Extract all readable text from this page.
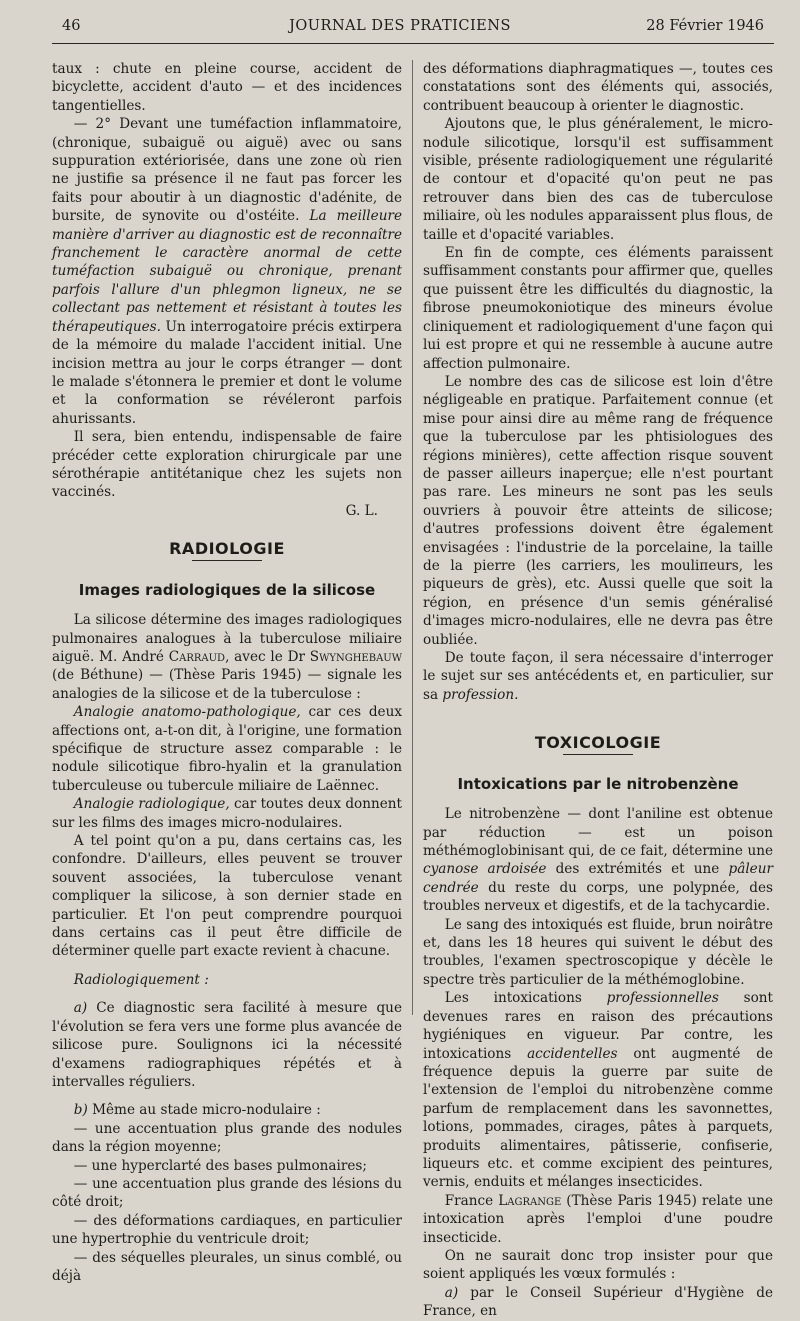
46	JOURNAL DES PRATICIENS	28 Février 1946

taux : chute en pleine course, accident de bicyclette, accident d'auto — et des incidences tangentielles.

— 2° Devant une tuméfaction inflammatoire, (chronique, subaiguë ou aiguë) avec ou sans suppuration extérioriséе, dans une zone où rien ne justifie sa présence il ne faut pas forcer les faits pour aboutir à un diagnostic d'adénite, de bursite, de synovite ou d'ostéite. La meilleure manière d'arriver au diagnostic est de reconnaître franchement le caractère anormal de cette tuméfaction subaiguë ou chronique, prenant parfois l'allure d'un phlegmon ligneux, ne se collectant pas nettement et résistant à toutes les thérapeutiques. Un interrogatoire précis extirpera de la mémoire du malade l'accident initial. Une incision mettra au jour le corps étranger — dont le malade s'étonnera le premier et dont le volume et la conformation se révéleront parfois ahurissants.

Il sera, bien entendu, indispensable de faire précéder cette exploration chirurgicale par une sérothérapie antitétanique chez les sujets non vaccinés.

G. L.

RADIOLOGIE
Images radiologiques de la silicose

La silicose détermine des images radiologiques pulmonaires analogues à la tuberculose miliaire aiguë. M. André Carraud, avec le Dr Swynghebauw (de Béthune) — (Thèse Paris 1945) — signale les analogies de la silicose et de la tuberculose :

Analogie anatomo-pathologique, car ces deux affections ont, a-t-on dit, à l'origine, une formation spécifique de structure assez comparable : le nodule silicotique fibro-hyalin et la granulation tuberculeuse ou tubercule miliaire de Laënnec.

Analogie radiologique, car toutes deux donnent sur les films des images micro-nodulaires.

A tel point qu'on a pu, dans certains cas, les confondre. D'ailleurs, elles peuvent se trouver souvent associées, la tuberculose venant compliquer la silicose, à son dernier stade en particulier. Et l'on peut comprendre pourquoi dans certains cas il peut être difficile de déterminer quelle part exacte revient à chacune.

Radiologiquement :

a) Ce diagnostic sera facilité à mesure que l'évolution se fera vers une forme plus avancée de silicose pure. Soulignons ici la nécessité d'examens radiographiques répétés et à intervalles réguliers.

b) Même au stade micro-nodulaire :

— une accentuation plus grande des nodules dans la région moyenne;

— une hyperclarté des bases pulmonaires;

— une accentuation plus grande des lésions du côté droit;

— des déformations cardiaques, en particulier une hypertrophie du ventricule droit;

— des séquelles pleurales, un sinus comblé, ou déjà

des déformations diaphragmatiques —, toutes ces constatations sont des éléments qui, associés, contribuent beaucoup à orienter le diagnostic.

Ajoutons que, le plus généralement, le micro-nodule silicotique, lorsqu'il est suffisamment visible, présente radiologiquement une régularité de contour et d'opacité qu'on peut ne pas retrouver dans bien des cas de tuberculose miliaire, où les nodules apparaissent plus flous, de taille et d'opacité variables.

En fin de compte, ces éléments paraissent suffisamment constants pour affirmer que, quelles que puissent être les difficultés du diagnostic, la fibrose pneumokoniotique des mineurs évolue cliniquement et radiologiquement d'une façon qui lui est propre et qui ne ressemble à aucune autre affection pulmonaire.

Le nombre des cas de silicose est loin d'être négligeable en pratique. Parfaitement connue (et mise pour ainsi dire au même rang de fréquence que la tuberculose par les phtisiologues des régions minières), cette affection risque souvent de passer ailleurs inaperçue; elle n'est pourtant pas rare. Les mineurs ne sont pas les seuls ouvriers à pouvoir être atteints de silicose; d'autres professions doivent être également envisagées : l'industrie de la porcelaine, la taille de la pierre (les carriers, les mouliпeurs, les piqueurs de grès), etc. Aussi quelle que soit la région, en présence d'un semis généralisé d'images micro-nodulaires, elle ne devra pas être oubliée.

De toute façon, il sera nécessaire d'interroger le sujet sur ses antécédents et, en particulier, sur sa profession.

TOXICOLOGIE
Intoxications par le nitrobenzène

Le nitrobenzène — dont l'aniline est obtenue par réduction — est un poison méthémoglobinisant qui, de ce fait, détermine une cyanose ardoisée des extrémités et une pâleur cendrée du reste du corps, une polypnée, des troubles nerveux et digestifs, et de la tachycardie.

Le sang des intoxiqués est fluide, brun noirâtre et, dans les 18 heures qui suivent le début des troubles, l'examen spectroscopique y décèle le spectre très particulier de la méthémoglobine.

Les intoxications professionnelles sont devenues rares en raison des précautions hygiéniques en vigueur. Par contre, les intoxications accidentelles ont augmenté de fréquence depuis la guerre par suite de l'extension de l'emploi du nitrobenzène comme parfum de remplacement dans les savonnettes, lotions, pommades, cirages, pâtes à parquets, produits alimentaires, pâtisserie, confiserie, liqueurs etc. et comme excipient des peintures, vernis, enduits et mélanges insecticides.

France Lagrange (Thèse Paris 1945) relate une intoxication après l'emploi d'une poudre insecticide.

On ne saurait donc trop insister pour que soient appliqués les vœux formulés :

a) par le Conseil Supérieur d'Hygiène de France, en
